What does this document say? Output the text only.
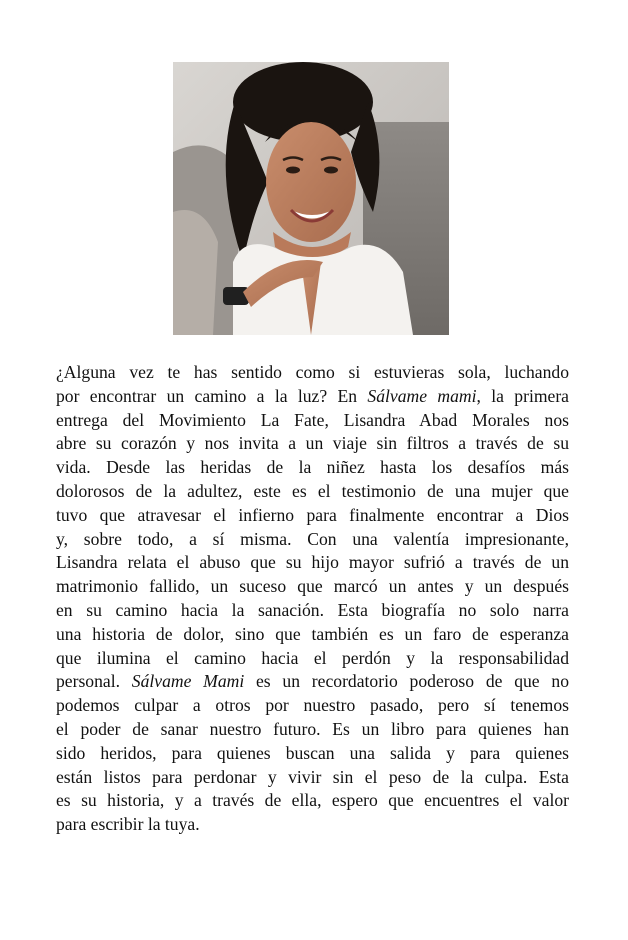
¿Alguna vez te has sentido como si estuvieras sola, luchando
por encontrar un camino a la luz? En Sálvame mami, la primera
entrega del Movimiento La Fate, Lisandra Abad Morales nos
abre su corazón y nos invita a un viaje sin filtros a través de su
vida. Desde las heridas de la niñez hasta los desafíos más
dolorosos de la adultez, este es el testimonio de una mujer que
tuvo que atravesar el infierno para finalmente encontrar a Dios
y, sobre todo, a sí misma. Con una valentía impresionante,
Lisandra relata el abuso que su hijo mayor sufrió a través de un
matrimonio fallido, un suceso que marcó un antes y un después
en su camino hacia la sanación. Esta biografía no solo narra
una historia de dolor, sino que también es un faro de esperanza
que ilumina el camino hacia el perdón y la responsabilidad
personal. Sálvame Mami es un recordatorio poderoso de que no
podemos culpar a otros por nuestro pasado, pero sí tenemos
el poder de sanar nuestro futuro. Es un libro para quienes han
sido heridos, para quienes buscan una salida y para quienes
están listos para perdonar y vivir sin el peso de la culpa. Esta
es su historia, y a través de ella, espero que encuentres el valor
para escribir la tuya.
